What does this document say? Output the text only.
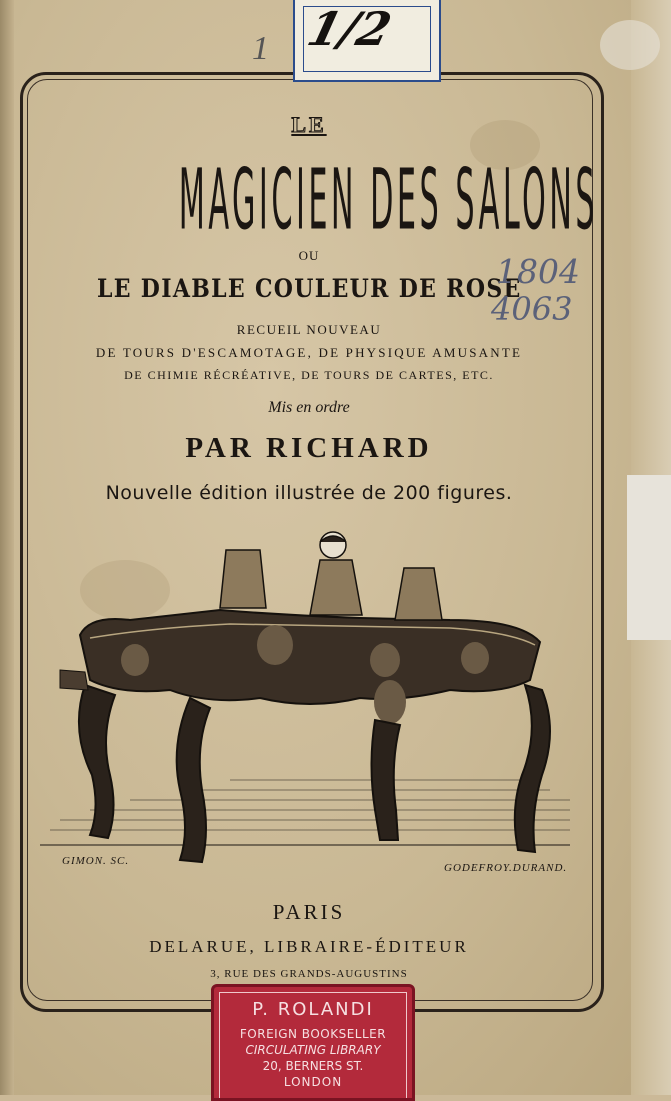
1/2
1
LE
MAGICIEN DES SALONS
OU
LE DIABLE COULEUR DE ROSE
RECUEIL NOUVEAU
DE TOURS D'ESCAMOTAGE, DE PHYSIQUE AMUSANTE
DE CHIMIE RÉCRÉATIVE, DE TOURS DE CARTES, ETC.
Mis en ordre
PAR RICHARD
Nouvelle édition illustrée de 200 figures.
1804
4063
GIMON. SC.
GODEFROY.DURAND.
PARIS
DELARUE, LIBRAIRE-ÉDITEUR
3, RUE DES GRANDS-AUGUSTINS
P. ROLANDI
FOREIGN BOOKSELLER
CIRCULATING LIBRARY
20, BERNERS ST.
LONDON
